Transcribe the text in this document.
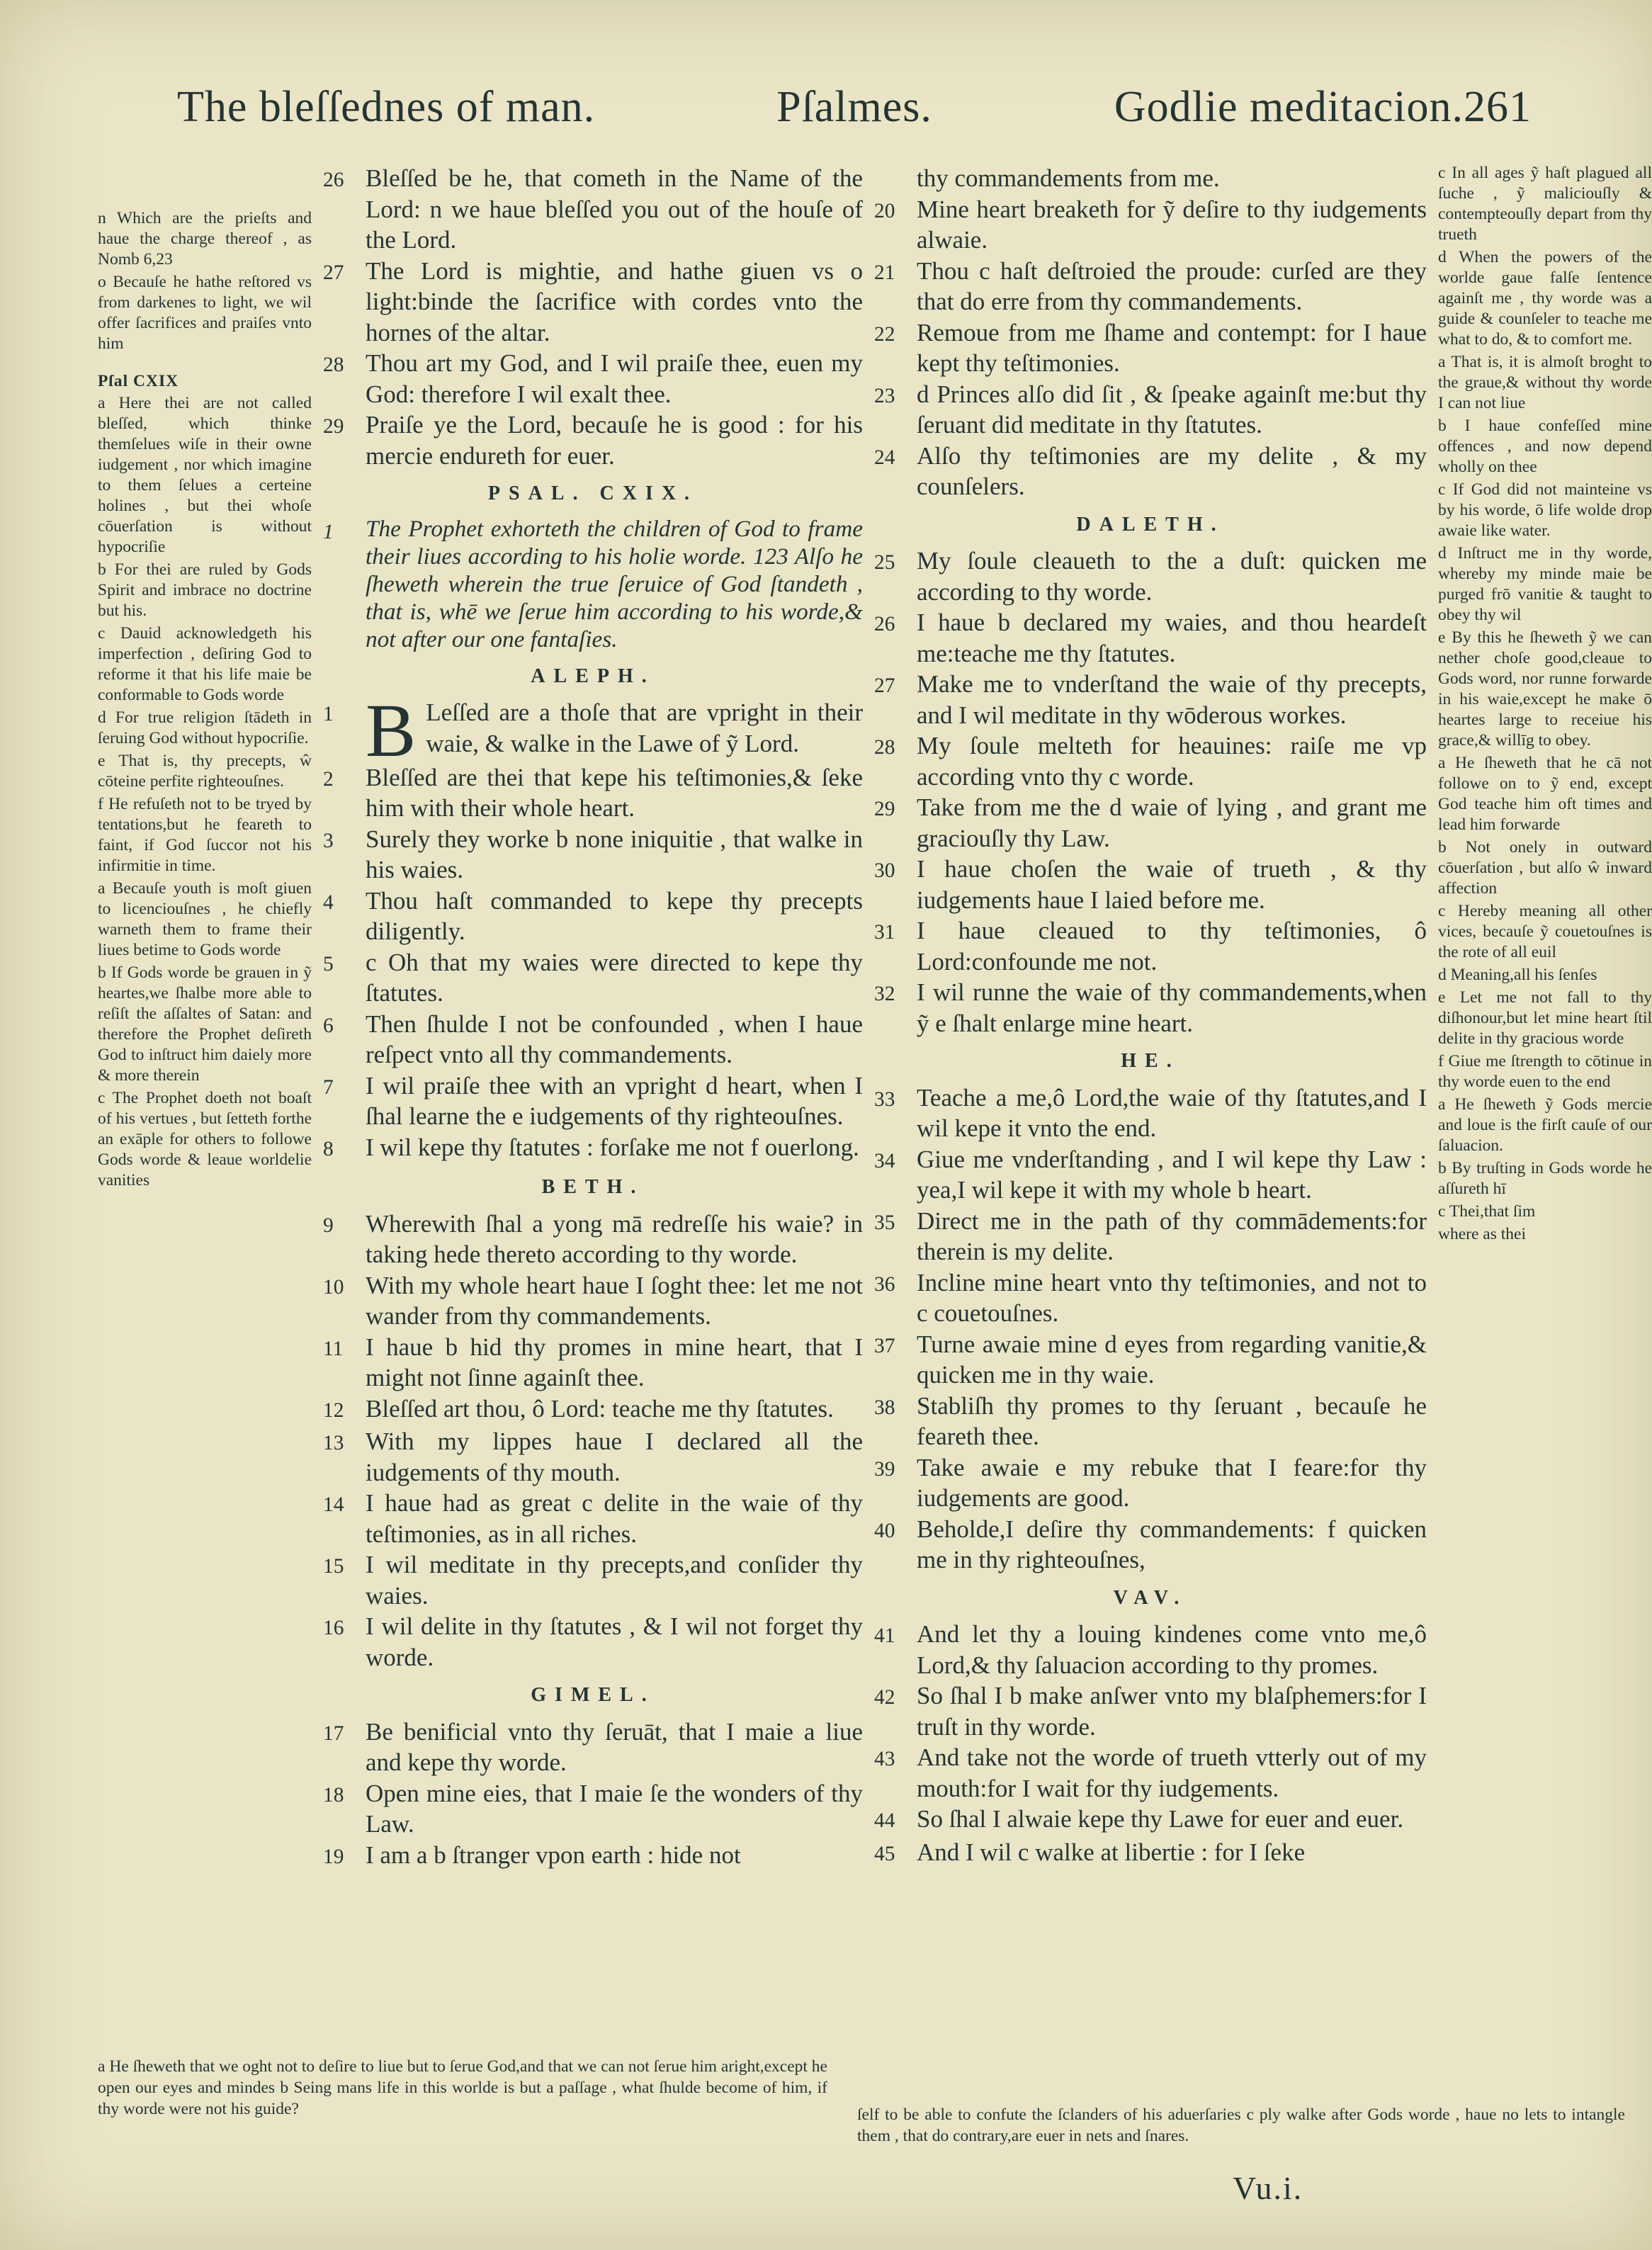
The bleſſednes of man.	Pſalmes.	Godlie meditacion.261

n Which are the prieſts and haue the charge thereof , as Nomb 6,23

o Becauſe he hathe reſtored vs from darkenes to light, we wil offer ſacrifices and praiſes vnto him

Pſal CXIX

a Here thei are not called bleſſed, which thinke themſelues wiſe in their owne iudgement , nor which imagine to them ſelues a certeine holines , but thei whoſe cōuerſation is without hypocriſie

b For thei are ruled by Gods Spirit and imbrace no doctrine but his.

c Dauid acknowledgeth his imperfection , deſiring God to reforme it that his life maie be conformable to Gods worde

d For true religion ſtādeth in ſeruing God without hypocriſie.

e That is, thy precepts, ŵ cōteine perfite righteouſnes.

f He refuſeth not to be tryed by tentations,but he feareth to faint, if God ſuccor not his infirmitie in time.

a Becauſe youth is moſt giuen to licenciouſnes , he chiefly warneth them to frame their liues betime to Gods worde

b If Gods worde be grauen in ỹ heartes,we ſhalbe more able to reſiſt the aſſaltes of Satan: and therefore the Prophet deſireth God to inſtruct him daiely more & more therein

c The Prophet doeth not boaſt of his vertues , but ſetteth forthe an exāple for others to followe Gods worde & leaue worldelie vanities

26 Bleſſed be he, that cometh in the Name of the Lord: n we haue bleſſed you out of the houſe of the Lord.
27 The Lord is mightie, and hathe giuen vs o light:binde the ſacrifice with cordes vnto the hornes of the altar.
28 Thou art my God, and I wil praiſe thee, euen my God: therefore I wil exalt thee.
29 Praiſe ye the Lord, becauſe he is good : for his mercie endureth for euer.
PSAL. CXIX.
1	The Prophet exhorteth the children of God to frame their liues according to his holie worde. 123 Alſo he ſheweth wherein the true ſeruice of God ſtandeth , that is, whē we ſerue him according to his worde,& not after our one fantaſies.
ALEPH.
1 B Leſſed are a thoſe that are vpright in their waie, & walke in the Lawe of ỹ Lord.
2	Bleſſed are thei that kepe his teſtimonies,& ſeke him with their whole heart.
3	Surely they worke b none iniquitie , that walke in his waies.
4	Thou haſt commanded to kepe thy precepts diligently.
5	c Oh that my waies were directed to kepe thy ſtatutes.
6	Then ſhulde I not be confounded , when I haue reſpect vnto all thy commandements.
7	I wil praiſe thee with an vpright d heart, when I ſhal learne the e iudgements of thy righteouſnes.
8	I wil kepe thy ſtatutes : forſake me not f ouerlong.
BETH.
9	Wherewith ſhal a yong mā redreſſe his waie? in taking hede thereto according to thy worde.
10 With my whole heart haue I ſoght thee: let me not wander from thy commandements.
11 I haue b hid thy promes in mine heart, that I might not ſinne againſt thee.
12 Bleſſed art thou, ô Lord: teache me thy ſtatutes.
13 With my lippes haue I declared all the iudgements of thy mouth.
14 I haue had as great c delite in the waie of thy teſtimonies, as in all riches.
15 I wil meditate in thy precepts,and conſider thy waies.
16 I wil delite in thy ſtatutes , & I wil not forget thy worde.
GIMEL.
17 Be benificial vnto thy ſeruāt, that I maie a liue and kepe thy worde.
18 Open mine eies, that I maie ſe the wonders of thy Law.
19 I am a b ſtranger vpon earth : hide not
thy commandements from me.
20 Mine heart breaketh for ỹ deſire to thy iudgements alwaie.
21 Thou c haſt deſtroied the proude: curſed are they that do erre from thy commandements.
22 Remoue from me ſhame and contempt: for I haue kept thy teſtimonies.
23 d Princes alſo did ſit , & ſpeake againſt me:but thy ſeruant did meditate in thy ſtatutes.
24 Alſo thy teſtimonies are my delite , & my counſelers.
DALETH.
25 My ſoule cleaueth to the a duſt: quicken me according to thy worde.
26 I haue b declared my waies, and thou heardeſt me:teache me thy ſtatutes.
27 Make me to vnderſtand the waie of thy precepts, and I wil meditate in thy wōderous workes.
28 My ſoule melteth for heauines: raiſe me vp according vnto thy c worde.
29 Take from me the d waie of lying , and grant me graciouſly thy Law.
30 I haue choſen the waie of trueth , & thy iudgements haue I laied before me.
31 I haue cleaued to thy teſtimonies, ô Lord:confounde me not.
32 I wil runne the waie of thy commandements,when ỹ e ſhalt enlarge mine heart.
HE.
33 Teache a me,ô Lord,the waie of thy ſtatutes,and I wil kepe it vnto the end.
34 Giue me vnderſtanding , and I wil kepe thy Law : yea,I wil kepe it with my whole b heart.
35 Direct me in the path of thy commādements:for therein is my delite.
36 Incline mine heart vnto thy teſtimonies, and not to c couetouſnes.
37 Turne awaie mine d eyes from regarding vanitie,& quicken me in thy waie.
38 Stabliſh thy promes to thy ſeruant , becauſe he feareth thee.
39 Take awaie e my rebuke that I feare:for thy iudgements are good.
40 Beholde,I deſire thy commandements: f quicken me in thy righteouſnes,
VAV.
41 And let thy a louing kindenes come vnto me,ô Lord,& thy ſaluacion according to thy promes.
42 So ſhal I b make anſwer vnto my blaſphemers:for I truſt in thy worde.
43 And take not the worde of trueth vtterly out of my mouth:for I wait for thy iudgements.
44 So ſhal I alwaie kepe thy Lawe for euer and euer.
45 And I wil c walke at libertie : for I ſeke

c In all ages ỹ haſt plagued all ſuche , ỹ maliciouſly & contempteouſly depart from thy trueth

d When the powers of the worlde gaue falſe ſentence againſt me , thy worde was a guide & counſeler to teache me what to do, & to comfort me.

a That is, it is almoſt broght to the graue,& without thy worde I can not liue

b I haue confeſſed mine offences , and now depend wholly on thee

c If God did not mainteine vs by his worde, ō life wolde drop awaie like water.

d Inſtruct me in thy worde, whereby my minde maie be purged frō vanitie & taught to obey thy wil

e By this he ſheweth ỹ we can nether choſe good,cleaue to Gods word, nor runne forwarde in his waie,except he make ō heartes large to receiue his grace,& willīg to obey.

a He ſheweth that he cā not followe on to ỹ end, except God teache him oft times and lead him forwarde

b Not onely in outward cōuerſation , but alſo ŵ inward affection

c Hereby meaning all other vices, becauſe ỹ couetouſnes is the rote of all euil

d Meaning,all his ſenſes

e Let me not fall to thy diſhonour,but let mine heart ſtil delite in thy gracious worde

f Giue me ſtrength to cōtinue in thy worde euen to the end

a He ſheweth ỹ Gods mercie and loue is the firſt cauſe of our ſaluacion.

b By truſting in Gods worde he aſſureth hī

c Thei,that ſim

where as thei

a He ſheweth that we oght not to deſire to liue but to ſerue God,and that we can not ſerue him aright,except he open our eyes and mindes b Seing mans life in this worlde is but a paſſage , what ſhulde become of him, if thy worde were not his guide?	ſelf to be able to confute the ſclanders of his aduerſaries c ply walke after Gods worde , haue no lets to intangle them , that do contrary,are euer in nets and ſnares.

Vu.i.
